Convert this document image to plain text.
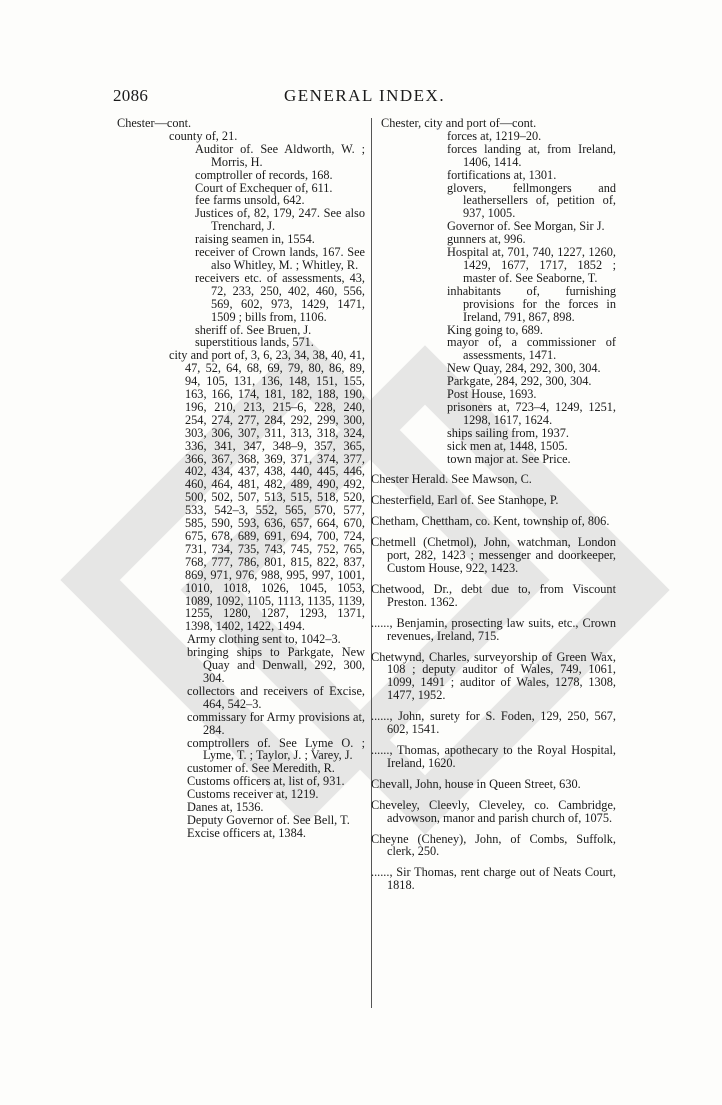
2086	GENERAL INDEX.

Chester—cont.

county of, 21.

Auditor of. See Aldworth, W. ; Morris, H.

comptroller of records, 168.

Court of Exchequer of, 611.

fee farms unsold, 642.

Justices of, 82, 179, 247. See also Trenchard, J.

raising seamen in, 1554.

receiver of Crown lands, 167. See also Whitley, M. ; Whitley, R.

receivers etc. of assessments, 43, 72, 233, 250, 402, 460, 556, 569, 602, 973, 1429, 1471, 1509 ; bills from, 1106.

sheriff of. See Bruen, J.

superstitious lands, 571.

city and port of, 3, 6, 23, 34, 38, 40, 41, 47, 52, 64, 68, 69, 79, 80, 86, 89, 94, 105, 131, 136, 148, 151, 155, 163, 166, 174, 181, 182, 188, 190, 196, 210, 213, 215–6, 228, 240, 254, 274, 277, 284, 292, 299, 300, 303, 306, 307, 311, 313, 318, 324, 336, 341, 347, 348–9, 357, 365, 366, 367, 368, 369, 371, 374, 377, 402, 434, 437, 438, 440, 445, 446, 460, 464, 481, 482, 489, 490, 492, 500, 502, 507, 513, 515, 518, 520, 533, 542–3, 552, 565, 570, 577, 585, 590, 593, 636, 657, 664, 670, 675, 678, 689, 691, 694, 700, 724, 731, 734, 735, 743, 745, 752, 765, 768, 777, 786, 801, 815, 822, 837, 869, 971, 976, 988, 995, 997, 1001, 1010, 1018, 1026, 1045, 1053, 1089, 1092, 1105, 1113, 1135, 1139, 1255, 1280, 1287, 1293, 1371, 1398, 1402, 1422, 1494.

Army clothing sent to, 1042–3.

bringing ships to Parkgate, New Quay and Denwall, 292, 300, 304.

collectors and receivers of Excise, 464, 542–3.

commissary for Army provisions at, 284.

comptrollers of. See Lyme O. ; Lyme, T. ; Taylor, J. ; Varey, J.

customer of. See Meredith, R.

Customs officers at, list of, 931.

Customs receiver at, 1219.

Danes at, 1536.

Deputy Governor of. See Bell, T.

Excise officers at, 1384.

Chester, city and port of—cont.

forces at, 1219–20.

forces landing at, from Ireland, 1406, 1414.

fortifications at, 1301.

glovers, fellmongers and leathersellers of, petition of, 937, 1005.

Governor of. See Morgan, Sir J.

gunners at, 996.

Hospital at, 701, 740, 1227, 1260, 1429, 1677, 1717, 1852 ; master of. See Seaborne, T.

inhabitants of, furnishing provisions for the forces in Ireland, 791, 867, 898.

King going to, 689.

mayor of, a commissioner of assessments, 1471.

New Quay, 284, 292, 300, 304.

Parkgate, 284, 292, 300, 304.

Post House, 1693.

prisoners at, 723–4, 1249, 1251, 1298, 1617, 1624.

ships sailing from, 1937.

sick men at, 1448, 1505.

town major at. See Price.

Chester Herald. See Mawson, C.

Chesterfield, Earl of. See Stanhope, P.

Chetham, Chettham, co. Kent, township of, 806.

Chetmell (Chetmol), John, watchman, London port, 282, 1423 ; messenger and doorkeeper, Custom House, 922, 1423.

Chetwood, Dr., debt due to, from Viscount Preston. 1362.

......, Benjamin, prosecting law suits, etc., Crown revenues, Ireland, 715.

Chetwynd, Charles, surveyorship of Green Wax, 108 ; deputy auditor of Wales, 749, 1061, 1099, 1491 ; auditor of Wales, 1278, 1308, 1477, 1952.

......, John, surety for S. Foden, 129, 250, 567, 602, 1541.

......, Thomas, apothecary to the Royal Hospital, Ireland, 1620.

Chevall, John, house in Queen Street, 630.

Cheveley, Cleevly, Cleveley, co. Cambridge, advowson, manor and parish church of, 1075.

Cheyne (Cheney), John, of Combs, Suffolk, clerk, 250.

......, Sir Thomas, rent charge out of Neats Court, 1818.
